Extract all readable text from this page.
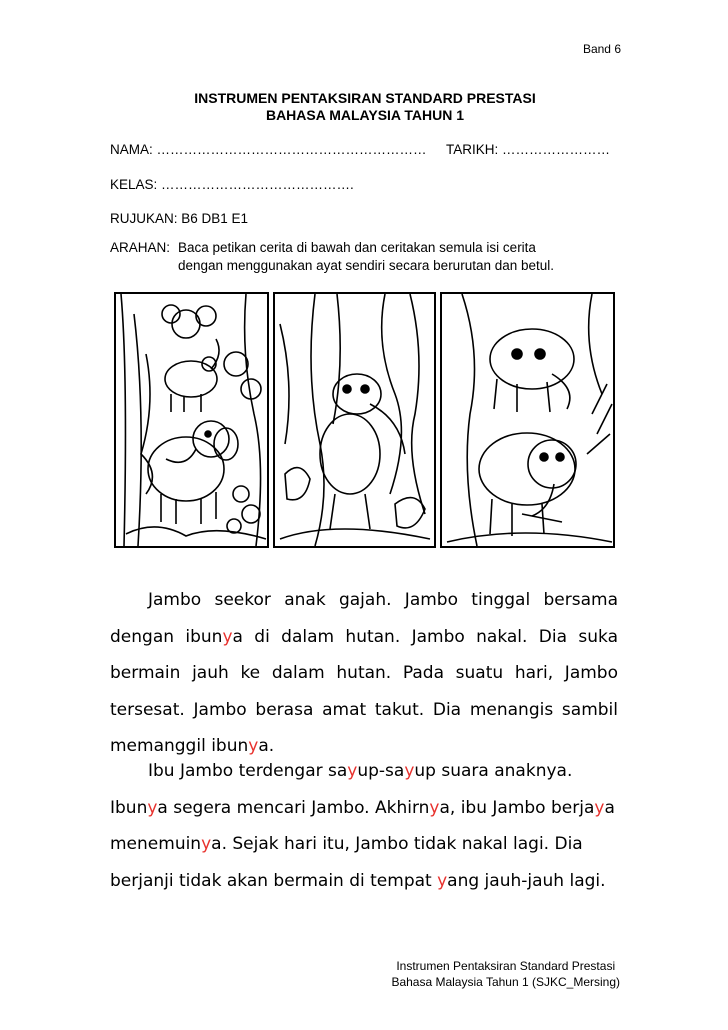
Band 6
INSTRUMEN PENTAKSIRAN STANDARD PRESTASI
BAHASA MALAYSIA TAHUN 1
NAMA: …………………………………………………… TARIKH: ……………………
KELAS: …………………………………….
RUJUKAN: B6 DB1 E1
ARAHAN: Baca petikan cerita di bawah dan ceritakan semula isi cerita
dengan menggunakan ayat sendiri secara berurutan dan betul.
Jambo seekor anak gajah. Jambo tinggal bersama dengan ibunya di dalam hutan. Jambo nakal. Dia suka bermain jauh ke dalam hutan. Pada suatu hari, Jambo tersesat. Jambo berasa amat takut. Dia menangis sambil memanggil ibunya.
Ibu Jambo terdengar sayup-sayup suara anaknya.
Ibunya segera mencari Jambo. Akhirnya, ibu Jambo berjaya
menemuinya. Sejak hari itu, Jambo tidak nakal lagi. Dia
berjanji tidak akan bermain di tempat yang jauh-jauh lagi.
Instrumen Pentaksiran Standard Prestasi
Bahasa Malaysia Tahun 1 (SJKC_Mersing)
